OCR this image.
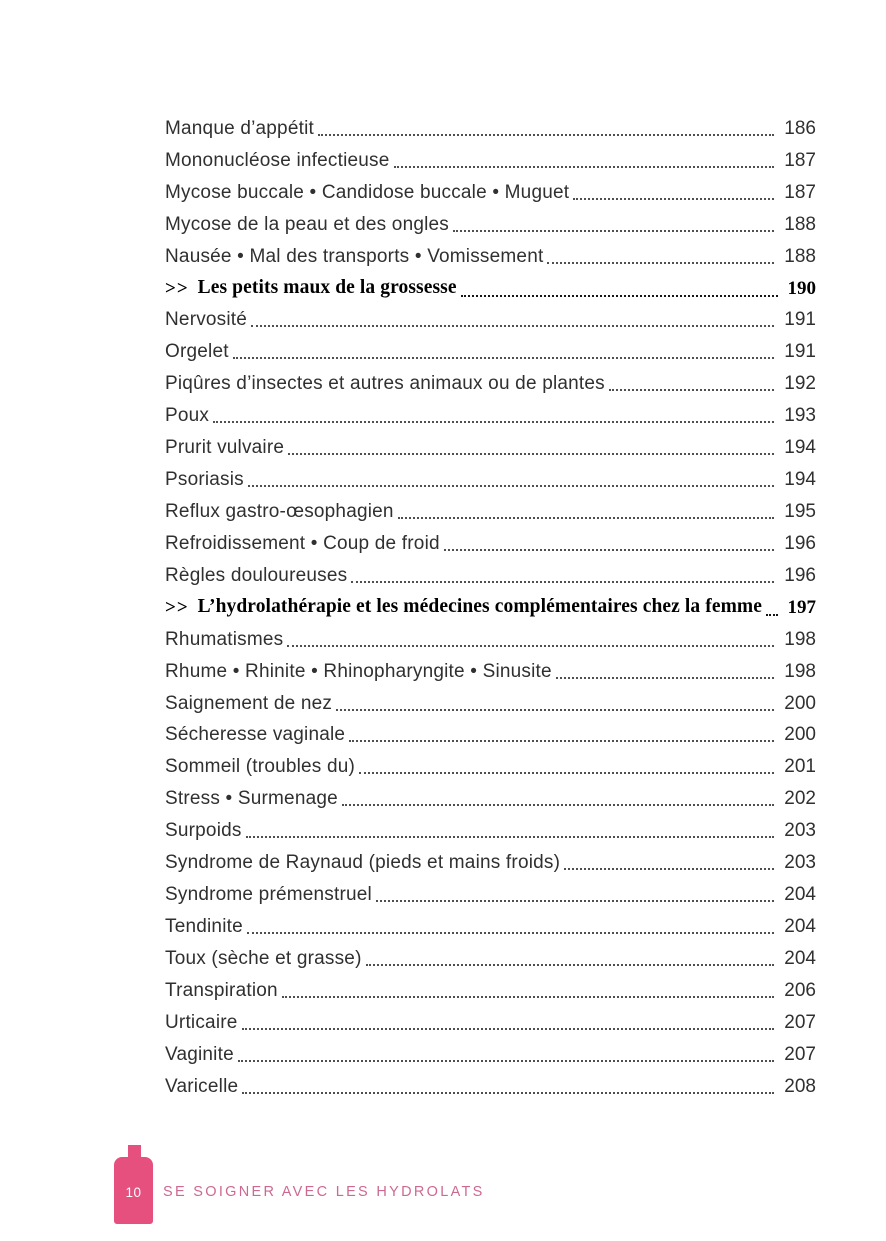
Manque d’appétit	186
Mononucléose infectieuse	187
Mycose buccale • Candidose buccale • Muguet	187
Mycose de la peau et des ongles	188
Nausée • Mal des transports • Vomissement	188
>> Les petits maux de la grossesse	190
Nervosité	191
Orgelet	191
Piqûres d’insectes et autres animaux ou de plantes	192
Poux	193
Prurit vulvaire	194
Psoriasis	194
Reflux gastro-œsophagien	195
Refroidissement • Coup de froid	196
Règles douloureuses	196
>> L’hydrolathérapie et les médecines complémentaires chez la femme 197
Rhumatismes	198
Rhume • Rhinite • Rhinopharyngite • Sinusite	198
Saignement de nez	200
Sécheresse vaginale	200
Sommeil (troubles du)	201
Stress • Surmenage	202
Surpoids	203
Syndrome de Raynaud (pieds et mains froids)	203
Syndrome prémenstruel	204
Tendinite	204
Toux (sèche et grasse)	204
Transpiration	206
Urticaire	207
Vaginite	207
Varicelle	208
10 SE SOIGNER AVEC LES HYDROLATS
